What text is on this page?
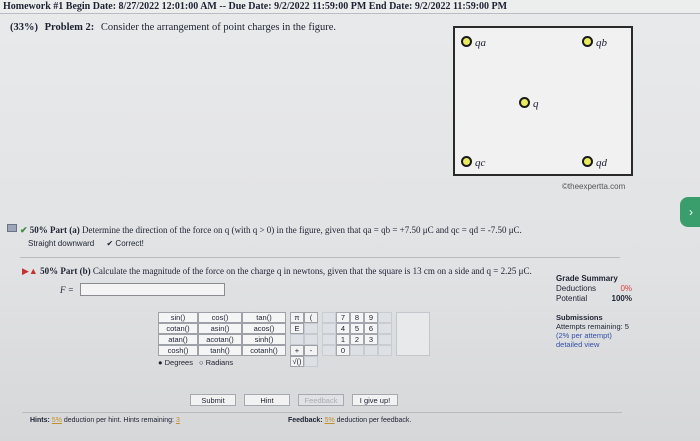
Homework #1 Begin Date: 8/27/2022 12:01:00 AM -- Due Date: 9/2/2022 11:59:00 PM End Date: 9/2/2022 11:59:00 PM
(33%) Problem 2: Consider the arrangement of point charges in the figure.
qa	qb
q
qc	qd
©theexpertta.com
✔ 50% Part (a) Determine the direction of the force on q (with q > 0) in the figure, given that qa = qb = +7.50 μC and qc = qd = -7.50 μC.
Straight downward ✔ Correct!
▶▲ 50% Part (b) Calculate the magnitude of the force on the charge q in newtons, given that the square is 13 cm on a side and q = 2.25 μC.
Grade Summary
Deductions	0%
Potential	100%
F =
Submissions
Attempts remaining: 5
(2% per attempt)
detailed view
sin()	cos()	tan()
cotan()	asin()	acos()
atan()	acotan()	sinh()
cosh()	tanh()	cotanh()
● Degrees ○ Radians
π	(
E
+	-
√()
7	8	9
4	5	6
1	2	3
0
Submit	Hint	Feedback	I give up!
Hints: 5% deduction per hint. Hints remaining: 3	Feedback: 5% deduction per feedback.
›
